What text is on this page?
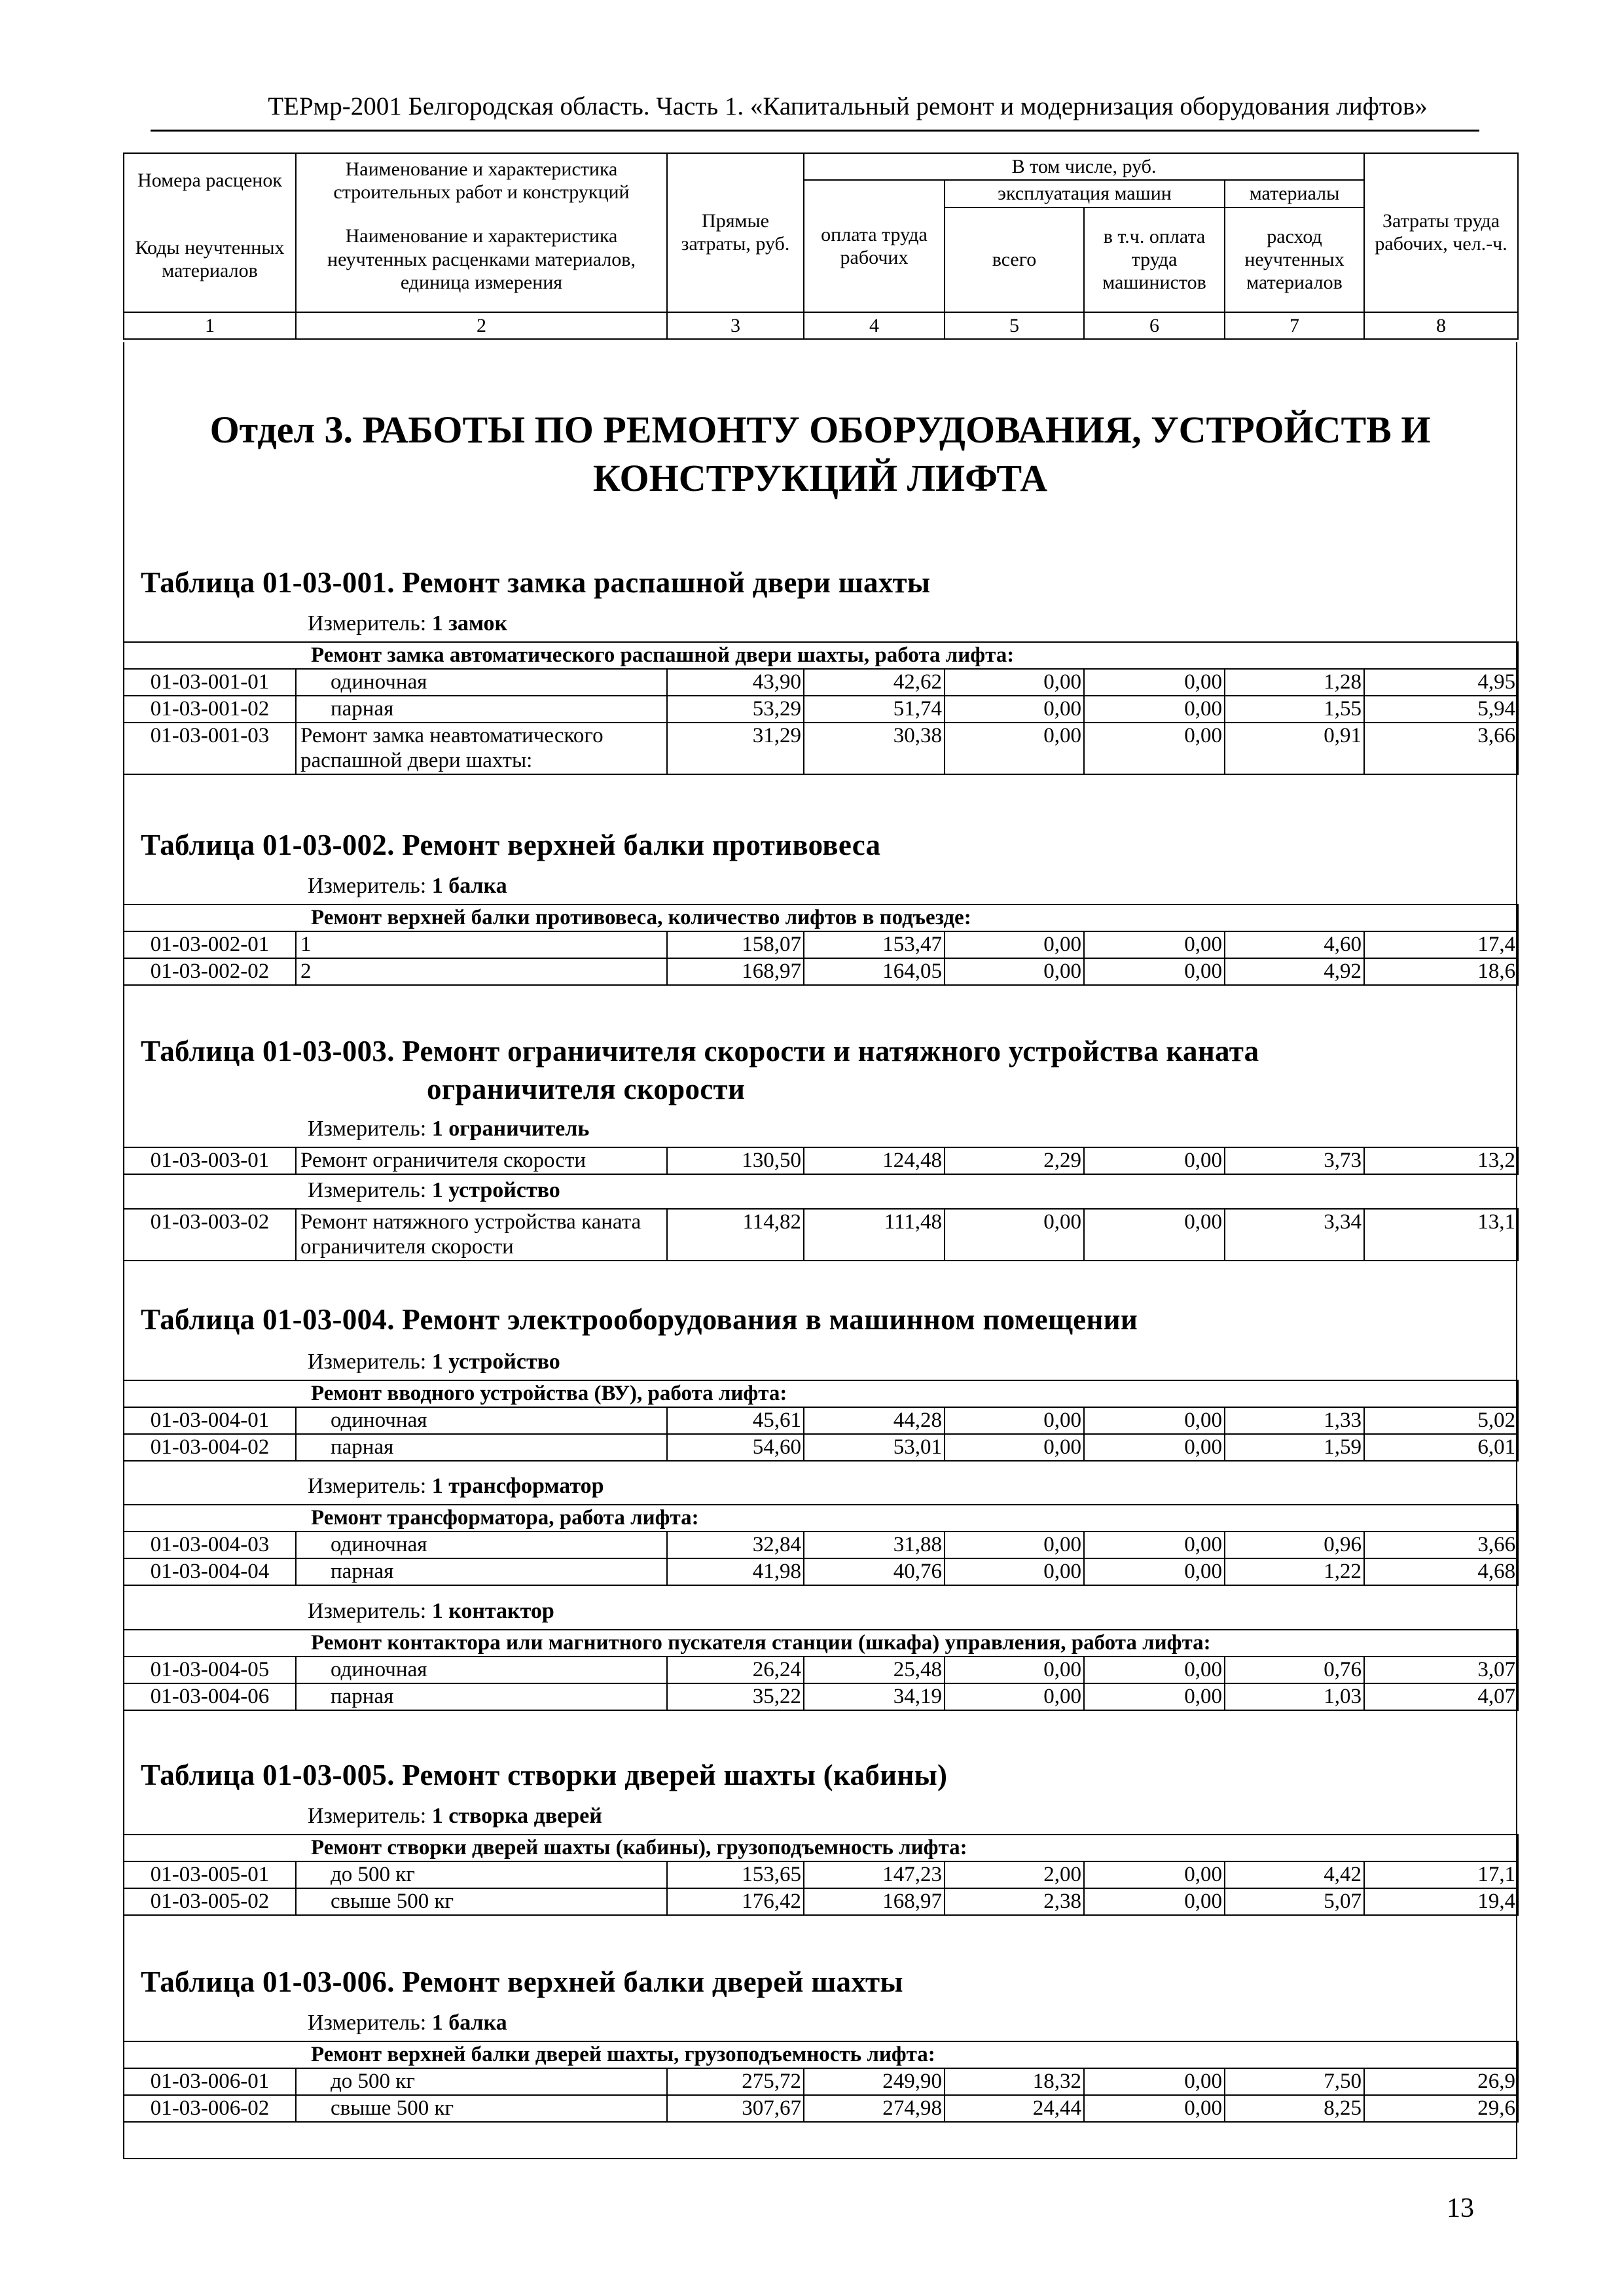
ТЕРмр-2001 Белгородская область. Часть 1. «Капитальный ремонт и модернизация оборудования лифтов»
Номера расценок	Наименование и характеристика строительных работ и конструкций	Прямые затраты, руб.	В том числе, руб.				Затраты труда рабочих, чел.-ч.
			оплата труда рабочих	эксплуатация машин		материалы	
Коды неучтенных материалов	Наименование и характеристика неучтенных расценками материалов, единица измерения			всего	в т.ч. оплата труда машинистов	расход неучтенных материалов	

1	2	3	4	5	6	7	8
Отдел 3. РАБОТЫ ПО РЕМОНТУ ОБОРУДОВАНИЯ, УСТРОЙСТВ И
КОНСТРУКЦИЙ ЛИФТА
Таблица 01-03-001. Ремонт замка распашной двери шахты
Измеритель: 1 замок
Ремонт замка автоматического распашной двери шахты, работа лифта:							
01-03-001-01	одиночная	43,90	42,62	0,00	0,00	1,28	4,95
01-03-001-02	парная	53,29	51,74	0,00	0,00	1,55	5,94
01-03-001-03	Ремонт замка неавтоматического распашной двери шахты:	31,29	30,38	0,00	0,00	0,91	3,66
Таблица 01-03-002. Ремонт верхней балки противовеса
Измеритель: 1 балка
Ремонт верхней балки противовеса, количество лифтов в подъезде:							
01-03-002-01	1	158,07	153,47	0,00	0,00	4,60	17,4
01-03-002-02	2	168,97	164,05	0,00	0,00	4,92	18,6
Таблица 01-03-003. Ремонт ограничителя скорости и натяжного устройства каната
ограничителя скорости
Измеритель: 1 ограничитель
01-03-003-01	Ремонт ограничителя скорости	130,50	124,48	2,29	0,00	3,73	13,2
Измеритель: 1 устройство
01-03-003-02	Ремонт натяжного устройства каната ограничителя скорости	114,82	111,48	0,00	0,00	3,34	13,1
Таблица 01-03-004. Ремонт электрооборудования в машинном помещении
Измеритель: 1 устройство
Ремонт вводного устройства (ВУ), работа лифта:							
01-03-004-01	одиночная	45,61	44,28	0,00	0,00	1,33	5,02
01-03-004-02	парная	54,60	53,01	0,00	0,00	1,59	6,01
Измеритель: 1 трансформатор
Ремонт трансформатора, работа лифта:							
01-03-004-03	одиночная	32,84	31,88	0,00	0,00	0,96	3,66
01-03-004-04	парная	41,98	40,76	0,00	0,00	1,22	4,68
Измеритель: 1 контактор
Ремонт контактора или магнитного пускателя станции (шкафа) управления, работа лифта:							
01-03-004-05	одиночная	26,24	25,48	0,00	0,00	0,76	3,07
01-03-004-06	парная	35,22	34,19	0,00	0,00	1,03	4,07
Таблица 01-03-005. Ремонт створки дверей шахты (кабины)
Измеритель: 1 створка дверей
Ремонт створки дверей шахты (кабины), грузоподъемность лифта:							
01-03-005-01	до 500 кг	153,65	147,23	2,00	0,00	4,42	17,1
01-03-005-02	свыше 500 кг	176,42	168,97	2,38	0,00	5,07	19,4
Таблица 01-03-006. Ремонт верхней балки дверей шахты
Измеритель: 1 балка
Ремонт верхней балки дверей шахты, грузоподъемность лифта:							
01-03-006-01	до 500 кг	275,72	249,90	18,32	0,00	7,50	26,9
01-03-006-02	свыше 500 кг	307,67	274,98	24,44	0,00	8,25	29,6
13
